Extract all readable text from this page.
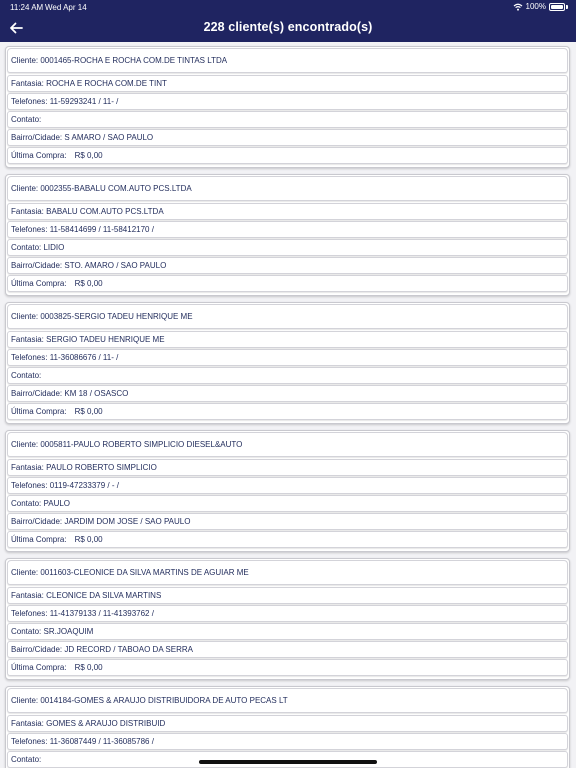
11:24 AM Wed Apr 14	100%
228 cliente(s) encontrado(s)
Cliente: 0001465-ROCHA E ROCHA COM.DE TINTAS LTDA
Fantasia: ROCHA E ROCHA COM.DE TINT
Telefones: 11-59293241 / 11- /
Contato:
Bairro/Cidade: S AMARO / SAO PAULO
Última Compra: R$ 0,00
Cliente: 0002355-BABALU COM.AUTO PCS.LTDA
Fantasia: BABALU COM.AUTO PCS.LTDA
Telefones: 11-58414699 / 11-58412170 /
Contato: LIDIO
Bairro/Cidade: STO. AMARO / SAO PAULO
Última Compra: R$ 0,00
Cliente: 0003825-SERGIO TADEU HENRIQUE ME
Fantasia: SERGIO TADEU HENRIQUE ME
Telefones: 11-36086676 / 11- /
Contato:
Bairro/Cidade: KM 18 / OSASCO
Última Compra: R$ 0,00
Cliente: 0005811-PAULO ROBERTO SIMPLICIO DIESEL&AUTO
Fantasia: PAULO ROBERTO SIMPLICIO
Telefones: 0119-47233379 / - /
Contato: PAULO
Bairro/Cidade: JARDIM DOM JOSE / SAO PAULO
Última Compra: R$ 0,00
Cliente: 0011603-CLEONICE DA SILVA MARTINS DE AGUIAR ME
Fantasia: CLEONICE DA SILVA MARTINS
Telefones: 11-41379133 / 11-41393762 /
Contato: SR.JOAQUIM
Bairro/Cidade: JD RECORD / TABOAO DA SERRA
Última Compra: R$ 0,00
Cliente: 0014184-GOMES & ARAUJO DISTRIBUIDORA DE AUTO PECAS LT
Fantasia: GOMES & ARAUJO DISTRIBUID
Telefones: 11-36087449 / 11-36085786 /
Contato:
